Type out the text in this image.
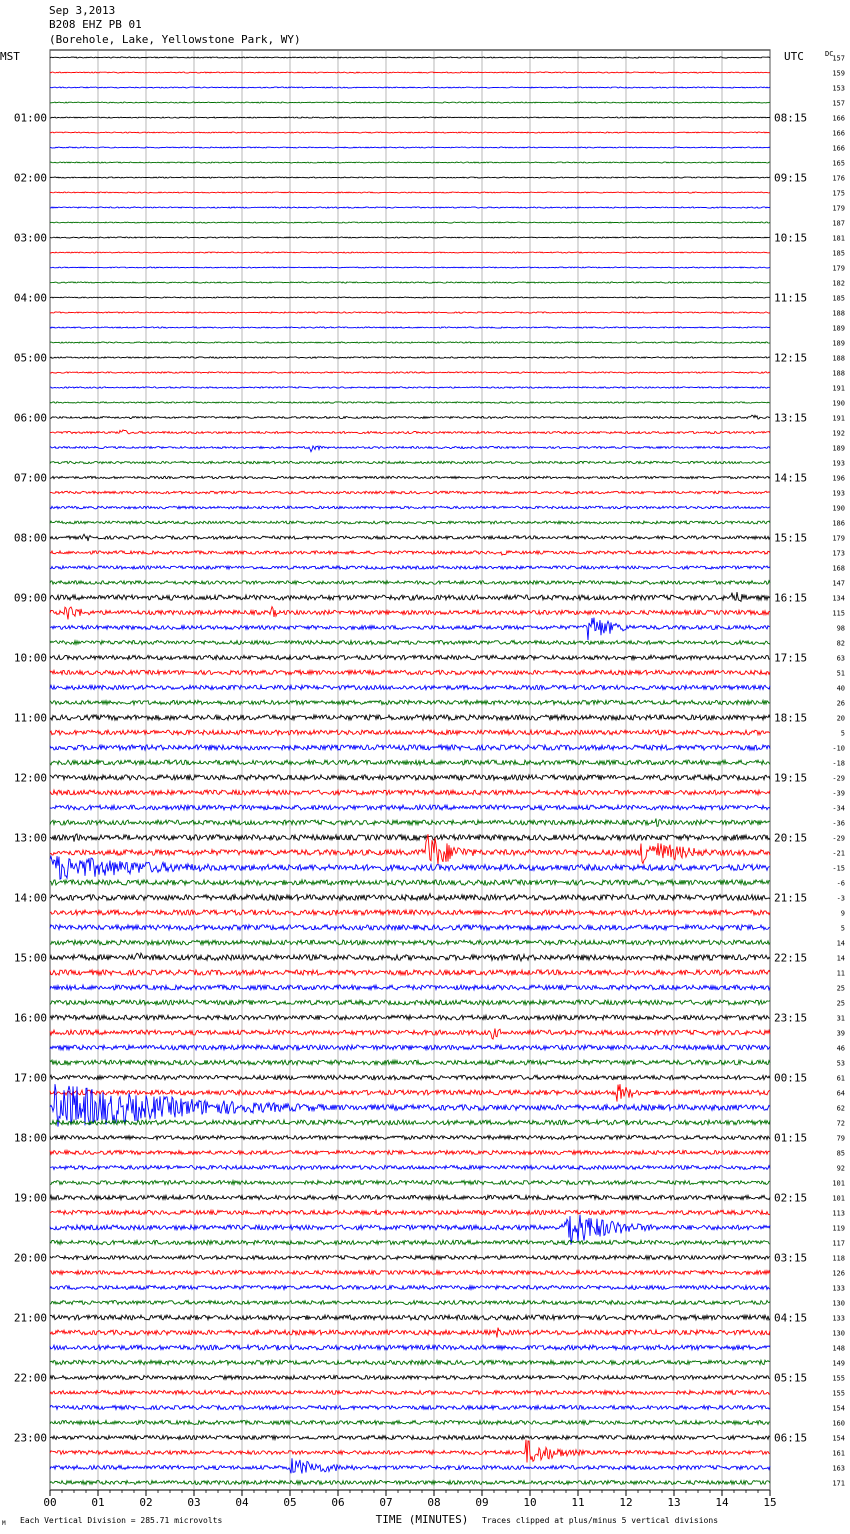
Sep 3,2013
B208 EHZ PB 01
(Borehole, Lake, Yellowstone Park, WY)
MST	UTC	DC
TIME (MINUTES)
Each Vertical Division = 285.71 microvolts	Traces clipped at plus/minus 5 vertical divisions
M
00	01	02	03	04	05	06	07	08	09	10	11	12	13	14	15
157
159
153
157
166
01:00	08:15
166
166
165
176
02:00	09:15
175
179
187
181
03:00	10:15
185
179
182
185
04:00	11:15
188
189
189
188
05:00	12:15
188
191
190
191
06:00	13:15
192
189
193
196
07:00	14:15
193
190
186
179
08:00	15:15
173
168
147
134
09:00	16:15
115
98
82
63
10:00	17:15
51
40
26
20
11:00	18:15
5
-10
-18
-29
12:00	19:15
-39
-34
-36
-29
13:00	20:15
-21
-15
-6
-3
14:00	21:15
9
5
14
14
15:00	22:15
11
25
25
31
16:00	23:15
39
46
53
61
17:00	00:15
64
62
72
79
18:00	01:15
85
92
101
101
19:00	02:15
113
119
117
118
20:00	03:15
126
133
130
133
21:00	04:15
130
148
149
155
22:00	05:15
155
154
160
154
23:00	06:15
161
163
171
